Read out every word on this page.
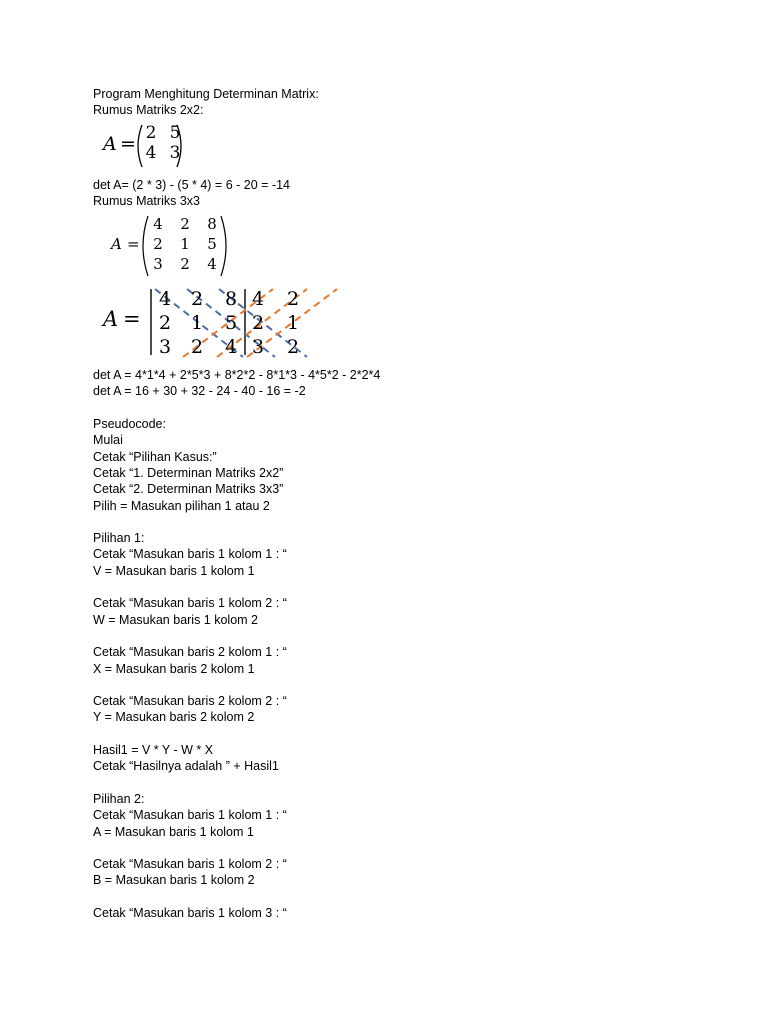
Program Menghitung Determinan Matrix:
Rumus Matriks 2x2:
A = 2 5
4 3
det A= (2 * 3) - (5 * 4) = 6 - 20 = -14
Rumus Matriks 3x3
A =
4 2 8
2 1 5
3 2 4
A =
4 2 8 4 2
2 1 5 2 1
3 2 4 3 2
det A = 4*1*4 + 2*5*3 + 8*2*2 - 8*1*3 - 4*5*2 - 2*2*4
det A = 16 + 30 + 32 - 24 - 40 - 16 = -2
Pseudocode:
Mulai
Cetak “Pilihan Kasus:”
Cetak “1. Determinan Matriks 2x2”
Cetak “2. Determinan Matriks 3x3”
Pilih = Masukan pilihan 1 atau 2
Pilihan 1:
Cetak “Masukan baris 1 kolom 1 : “
V = Masukan baris 1 kolom 1
Cetak “Masukan baris 1 kolom 2 : “
W = Masukan baris 1 kolom 2
Cetak “Masukan baris 2 kolom 1 : “
X = Masukan baris 2 kolom 1
Cetak “Masukan baris 2 kolom 2 : “
Y = Masukan baris 2 kolom 2
Hasil1 = V * Y - W * X
Cetak “Hasilnya adalah ” + Hasil1
Pilihan 2:
Cetak “Masukan baris 1 kolom 1 : “
A = Masukan baris 1 kolom 1
Cetak “Masukan baris 1 kolom 2 : “
B = Masukan baris 1 kolom 2
Cetak “Masukan baris 1 kolom 3 : “
